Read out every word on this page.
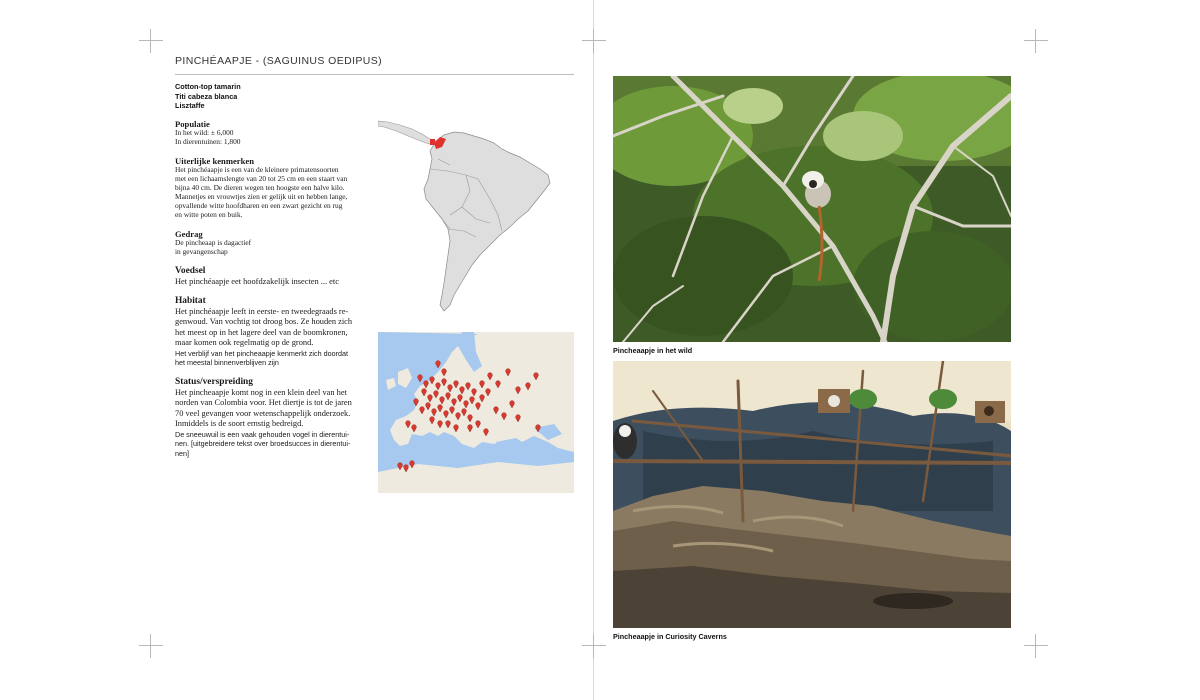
PINCHÉAAPJE - (SAGUINUS OEDIPUS)
Cotton-top tamarin
Titi cabeza blanca
Lisztaffe
Populatie
In het wild: ± 6,000
In dierentuinen: 1,800
Uiterlijke kenmerken
Het pinchéaapje is een van de kleinere primatensoorten
met een lichaamslengte van 20 tot 25 cm en een staart van
bijna 40 cm. De dieren wegen ten hoogste een halve kilo.
Mannetjes en vrouwtjes zien er gelijk uit en hebben lange,
opvallende witte hoofdharen en een zwart gezicht en rug
en witte poten en buik.
Gedrag
De pincheaap is dagactief
in gevangenschap
Voedsel
Het pinchéaapje eet hoofdzakelijk insecten ... etc
Habitat
Het pinchéaapje leeft in eerste- en tweedegraads re-
genwoud. Van vochtig tot droog bos. Ze houden zich
het meest op in het lagere deel van de boomkronen,
maar komen ook regelmatig op de grond.
Het verblijf van het pincheaapje kenmerkt zich doordat
het meestal binnenverblijven zijn
Status/verspreiding
Het pincheaapje komt nog in een klein deel van het
norden van Colombia voor. Het diertje is tot de jaren
70 veel gevangen voor wetenschappelijk onderzoek.
Inmiddels is de soort ernstig bedreigd.
De sneeuwuil is een vaak gehouden vogel in dierentui-
nen. [uitgebreidere tekst over broedsucces in dierentui-
nen]
Pincheaapje in het wild
Pincheaapje in Curiosity Caverns
